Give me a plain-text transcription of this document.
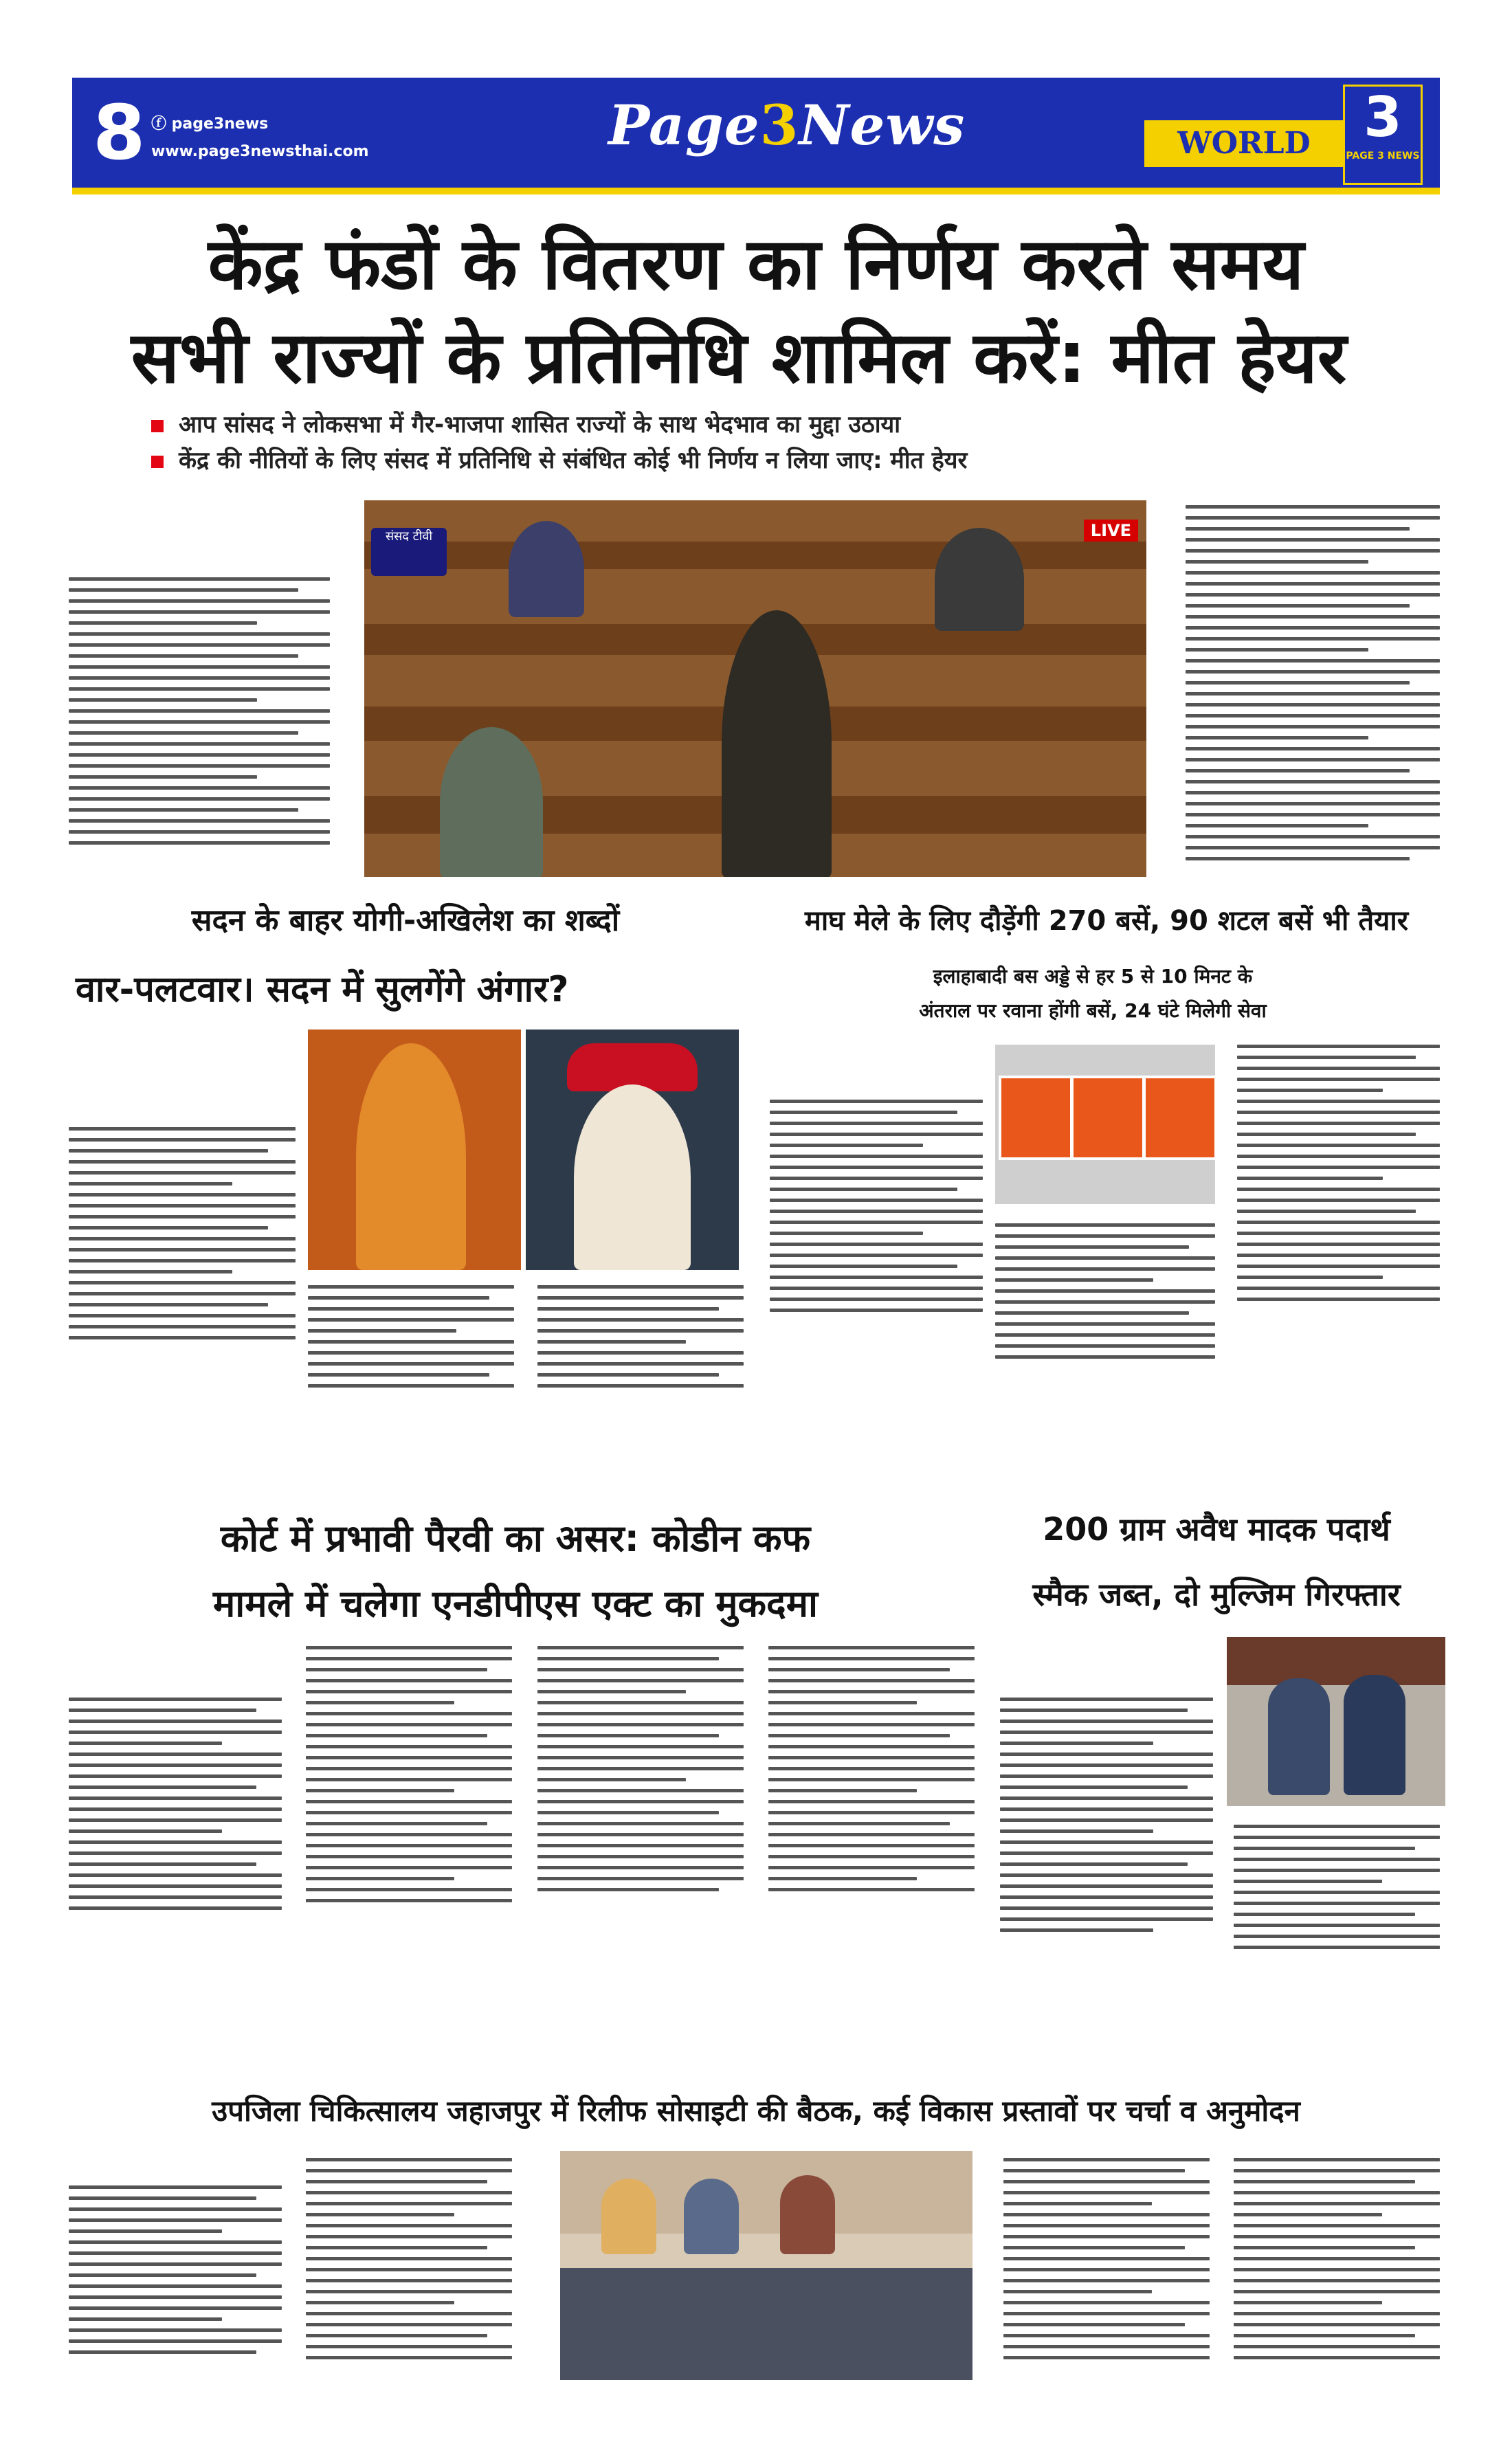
8 ⓕ page3news
www.page3newsthai.com	Page3News	WORLD 3
PAGE 3 NEWS
केंद्र फंडों के वितरण का निर्णय करते समय
सभी राज्यों के प्रतिनिधि शामिल करें: मीत हेयर
आप सांसद ने लोकसभा में गैर-भाजपा शासित राज्यों के साथ भेदभाव का मुद्दा उठाया
केंद्र की नीतियों के लिए संसद में प्रतिनिधि से संबंधित कोई भी निर्णय न लिया जाए: मीत हेयर
LIVE
संसद टीवी
सदन के बाहर योगी-अखिलेश का शब्दों
वार-पलटवार। सदन में सुलगेंगे अंगार?
माघ मेले के लिए दौड़ेंगी 270 बसें, 90 शटल बसें भी तैयार
इलाहाबादी बस अड्डे से हर 5 से 10 मिनट के
अंतराल पर रवाना होंगी बसें, 24 घंटे मिलेगी सेवा
कोर्ट में प्रभावी पैरवी का असर: कोडीन कफ
मामले में चलेगा एनडीपीएस एक्ट का मुकदमा
200 ग्राम अवैध मादक पदार्थ
स्मैक जब्त, दो मुल्जिम गिरफ्तार
उपजिला चिकित्सालय जहाजपुर में रिलीफ सोसाइटी की बैठक, कई विकास प्रस्तावों पर चर्चा व अनुमोदन
